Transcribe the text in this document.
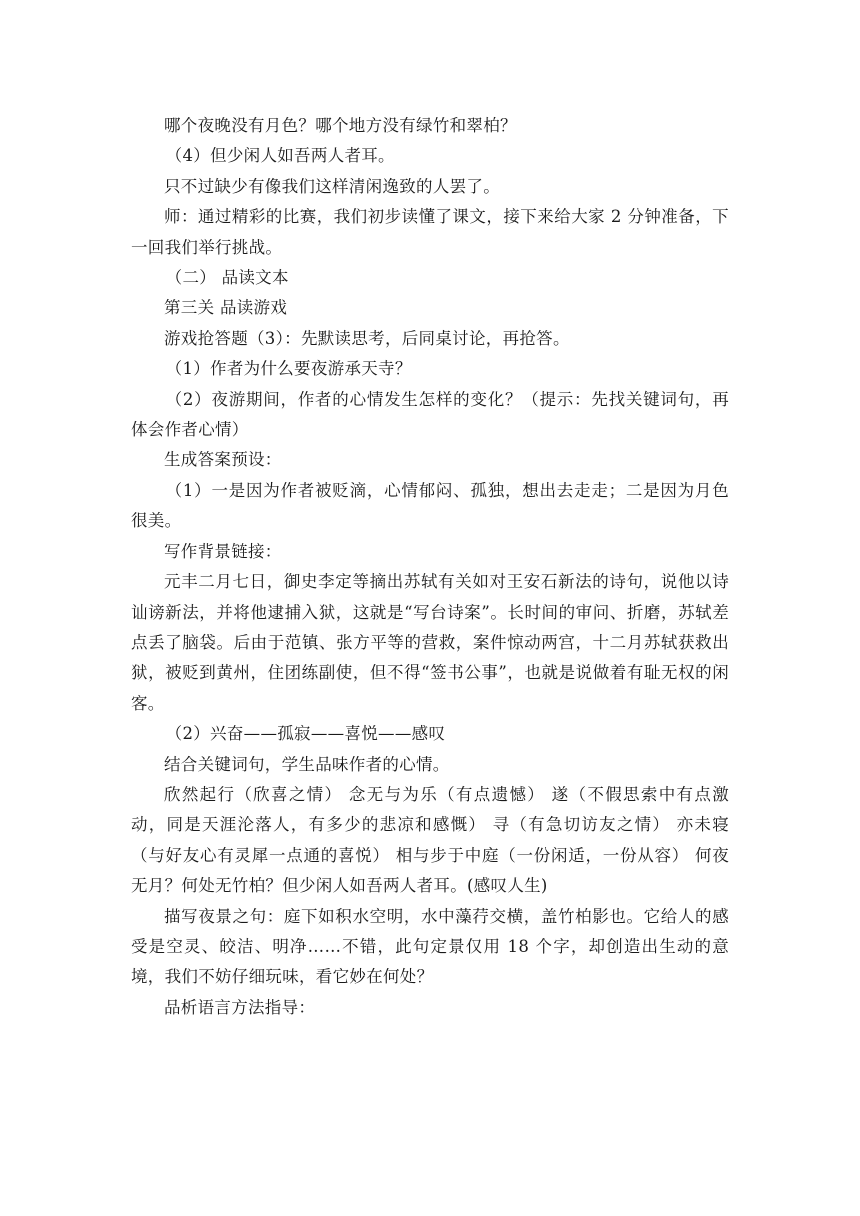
哪个夜晚没有月色？哪个地方没有绿竹和翠柏？

（4）但少闲人如吾两人者耳。

只不过缺少有像我们这样清闲逸致的人罢了。

师：通过精彩的比赛，我们初步读懂了课文，接下来给大家 2 分钟准备，下一回我们举行挑战。

（二） 品读文本

第三关 品读游戏

游戏抢答题（3）：先默读思考，后同桌讨论，再抢答。

（1）作者为什么要夜游承天寺？

（2）夜游期间，作者的心情发生怎样的变化？（提示：先找关键词句，再体会作者心情）

生成答案预设：

（1）一是因为作者被贬滴，心情郁闷、孤独，想出去走走；二是因为月色很美。

写作背景链接：

元丰二月七日，御史李定等摘出苏轼有关如对王安石新法的诗句，说他以诗讪谤新法，并将他逮捕入狱，这就是“写台诗案”。长时间的审问、折磨，苏轼差点丢了脑袋。后由于范镇、张方平等的营救，案件惊动两宫，十二月苏轼获救出狱，被贬到黄州，住团练副使，但不得“签书公事”，也就是说做着有耻无权的闲客。

（2）兴奋——孤寂——喜悦——感叹

结合关键词句，学生品味作者的心情。

欣然起行（欣喜之情） 念无与为乐（有点遗憾） 遂（不假思索中有点激动，同是天涯沦落人，有多少的悲凉和感慨） 寻（有急切访友之情） 亦未寝（与好友心有灵犀一点通的喜悦） 相与步于中庭（一份闲适，一份从容） 何夜无月？何处无竹柏？但少闲人如吾两人者耳。(感叹人生)

描写夜景之句：庭下如积水空明，水中藻荇交横，盖竹柏影也。它给人的感受是空灵、皎洁、明净……不错，此句定景仅用 18 个字，却创造出生动的意境，我们不妨仔细玩味，看它妙在何处？

品析语言方法指导：
